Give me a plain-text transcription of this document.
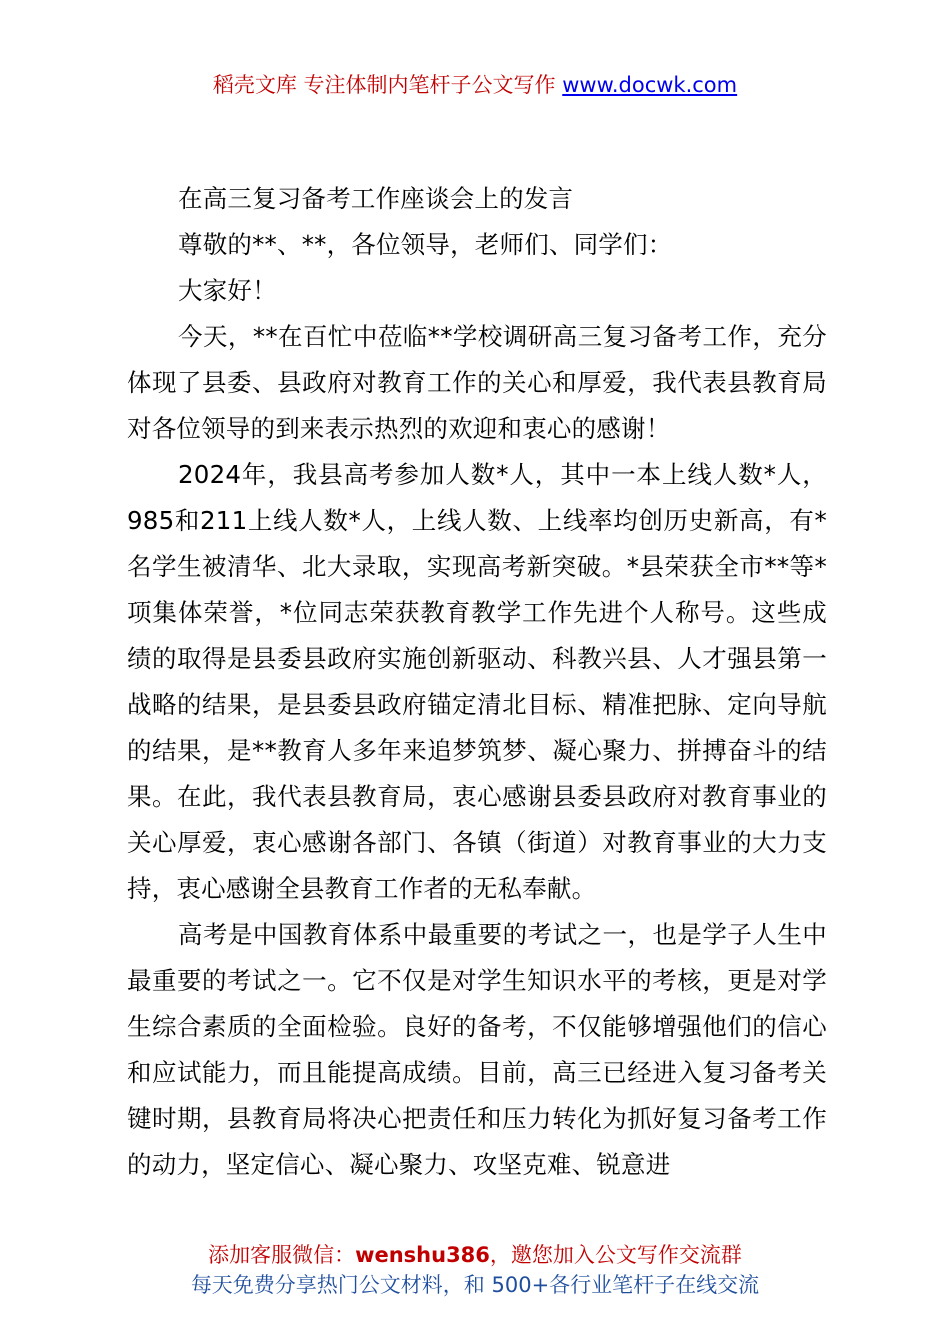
稻壳文库 专注体制内笔杆子公文写作 www.docwk.com

在高三复习备考工作座谈会上的发言

尊敬的**、**，各位领导，老师们、同学们：

大家好！

今天，**在百忙中莅临**学校调研高三复习备考工作，充分体现了县委、县政府对教育工作的关心和厚爱，我代表县教育局对各位领导的到来表示热烈的欢迎和衷心的感谢！

2024年，我县高考参加人数*人，其中一本上线人数*人，985和211上线人数*人，上线人数、上线率均创历史新高，有*名学生被清华、北大录取，实现高考新突破。*县荣获全市**等*项集体荣誉，*位同志荣获教育教学工作先进个人称号。这些成绩的取得是县委县政府实施创新驱动、科教兴县、人才强县第一战略的结果，是县委县政府锚定清北目标、精准把脉、定向导航的结果，是**教育人多年来追梦筑梦、凝心聚力、拼搏奋斗的结果。在此，我代表县教育局，衷心感谢县委县政府对教育事业的关心厚爱，衷心感谢各部门、各镇（街道）对教育事业的大力支持，衷心感谢全县教育工作者的无私奉献。

高考是中国教育体系中最重要的考试之一，也是学子人生中最重要的考试之一。它不仅是对学生知识水平的考核，更是对学生综合素质的全面检验。良好的备考，不仅能够增强他们的信心和应试能力，而且能提高成绩。目前，高三已经进入复习备考关键时期，县教育局将决心把责任和压力转化为抓好复习备考工作的动力，坚定信心、凝心聚力、攻坚克难、锐意进

添加客服微信：wenshu386，邀您加入公文写作交流群
每天免费分享热门公文材料，和 500+各行业笔杆子在线交流
